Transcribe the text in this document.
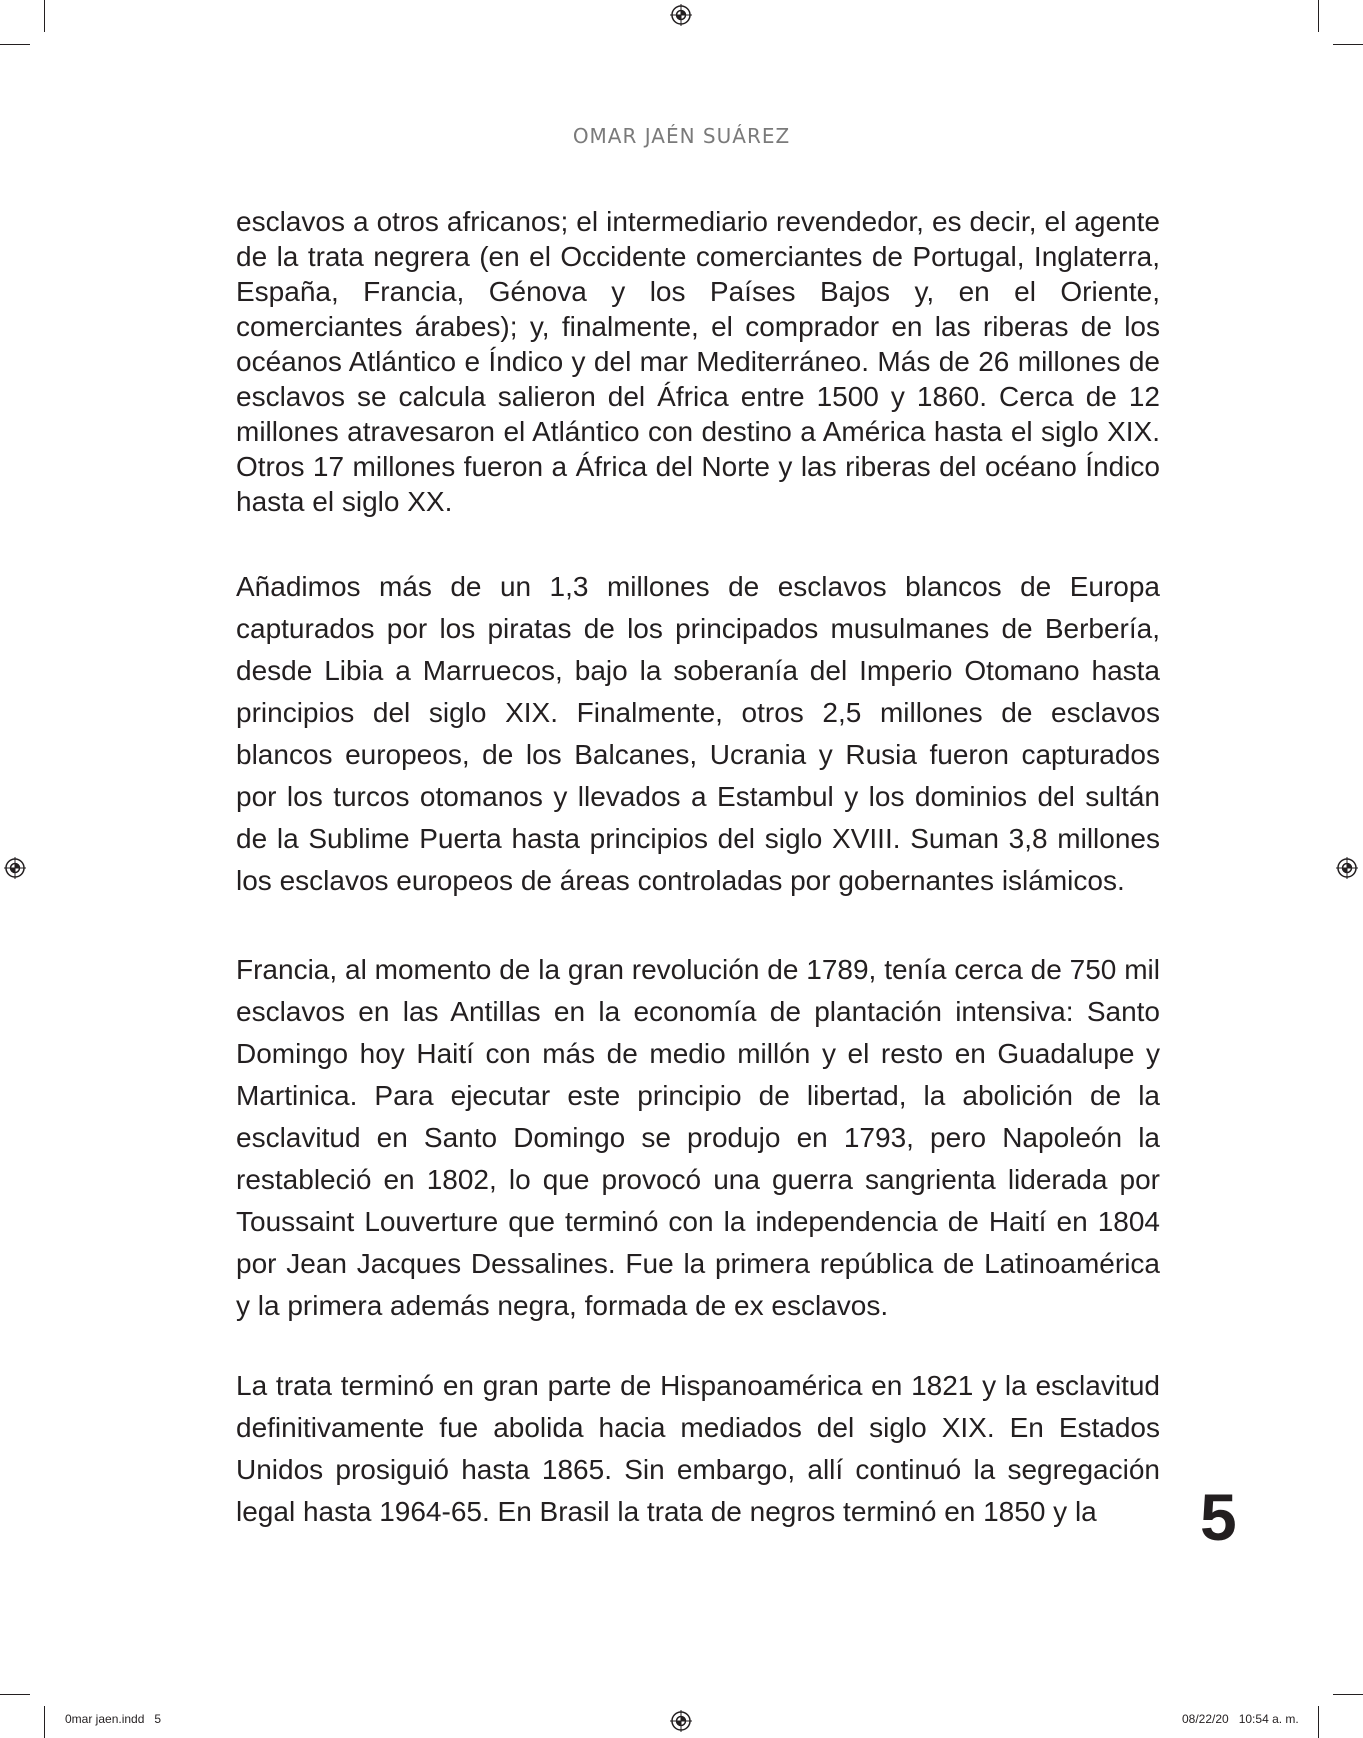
OMAR JAÉN SUÁREZ

esclavos a otros africanos; el intermediario revendedor, es decir, el agente de la trata negrera (en el Occidente comerciantes de Portugal, Inglaterra, España, Francia, Génova y los Países Bajos y, en el Oriente, comerciantes árabes); y, finalmente, el comprador en las riberas de los océanos Atlántico e Índico y del mar Mediterráneo. Más de 26 millones de esclavos se calcula salieron del África entre 1500 y 1860. Cerca de 12 millones atravesaron el Atlántico con destino a América hasta el siglo XIX. Otros 17 millones fueron a África del Norte y las riberas del océano Índico hasta el siglo XX.

Añadimos más de un 1,3 millones de esclavos blancos de Europa capturados por los piratas de los principados musulmanes de Berbería, desde Libia a Marruecos, bajo la soberanía del Imperio Otomano hasta principios del siglo XIX. Finalmente, otros 2,5 millones de esclavos blancos europeos, de los Balcanes, Ucrania y Rusia fueron capturados por los turcos otomanos y llevados a Estambul y los dominios del sultán de la Sublime Puerta hasta principios del siglo XVIII. Suman 3,8 millones los esclavos europeos de áreas controladas por gobernantes islámicos.

Francia, al momento de la gran revolución de 1789, tenía cerca de 750 mil esclavos en las Antillas en la economía de plantación intensiva: Santo Domingo hoy Haití con más de medio millón y el resto en Guadalupe y Martinica. Para ejecutar este principio de libertad, la abolición de la esclavitud en Santo Domingo se produjo en 1793, pero Napoleón la restableció en 1802, lo que provocó una guerra sangrienta liderada por Toussaint Louverture que terminó con la independencia de Haití en 1804 por Jean Jacques Dessalines. Fue la primera república de Latinoamérica y la primera además negra, formada de ex esclavos.

La trata terminó en gran parte de Hispanoamérica en 1821 y la esclavitud definitivamente fue abolida hacia mediados del siglo XIX. En Estados Unidos prosiguió hasta 1865. Sin embargo, allí continuó la segregación legal hasta 1964-65. En Brasil la trata de negros terminó en 1850 y la	5
0mar jaen.indd   5	08/22/20   10:54 a. m.
